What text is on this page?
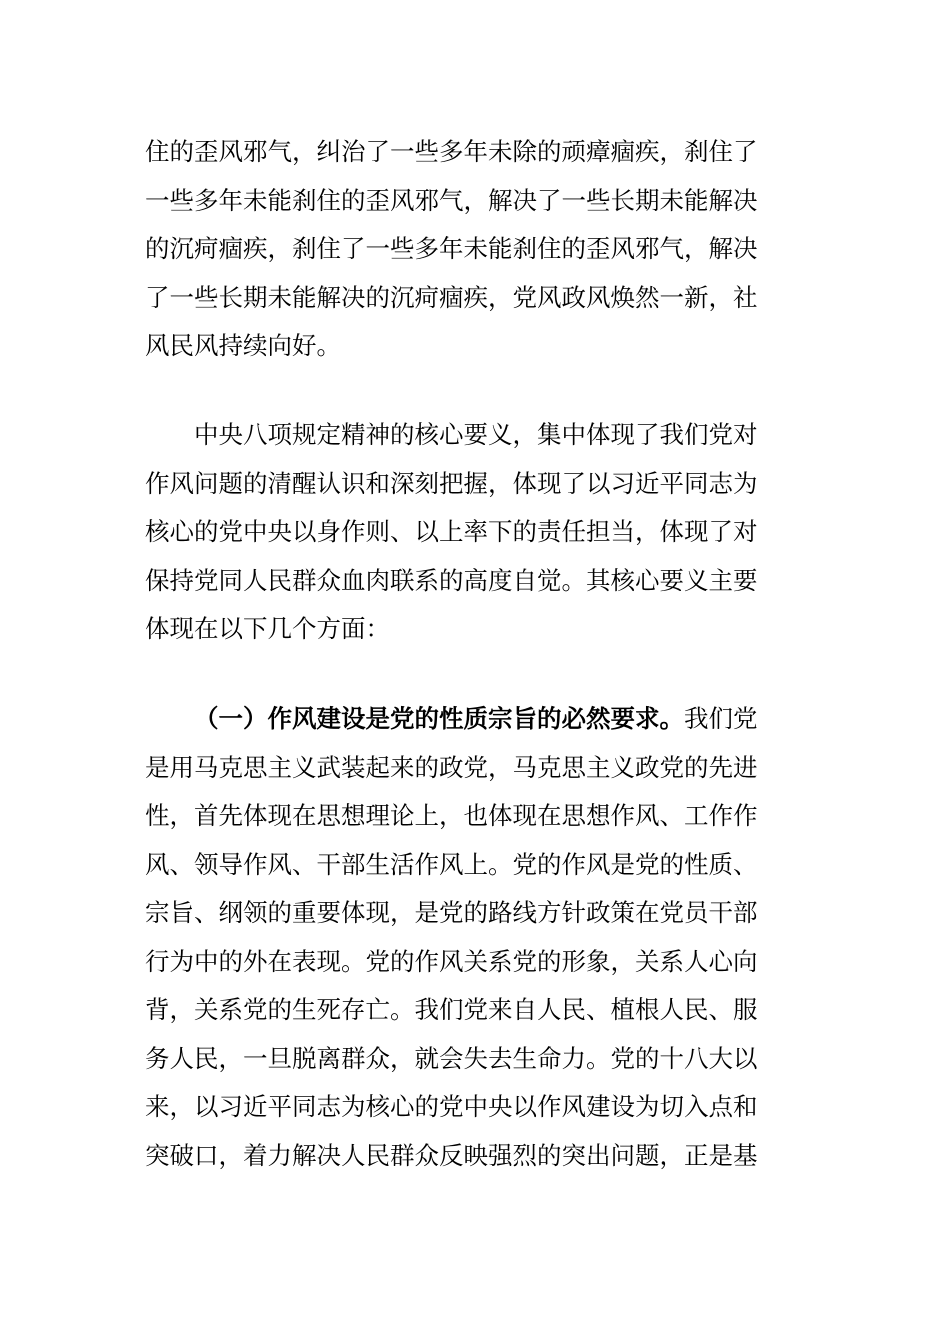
住的歪风邪气，纠治了一些多年未除的顽瘴痼疾，刹住了
一些多年未能刹住的歪风邪气，解决了一些长期未能解决
的沉疴痼疾，刹住了一些多年未能刹住的歪风邪气，解决
了一些长期未能解决的沉疴痼疾，党风政风焕然一新，社
风民风持续向好。
中央八项规定精神的核心要义，集中体现了我们党对
作风问题的清醒认识和深刻把握，体现了以习近平同志为
核心的党中央以身作则、以上率下的责任担当，体现了对
保持党同人民群众血肉联系的高度自觉。其核心要义主要
体现在以下几个方面：
（一）作风建设是党的性质宗旨的必然要求。我们党
是用马克思主义武装起来的政党，马克思主义政党的先进
性，首先体现在思想理论上，也体现在思想作风、工作作
风、领导作风、干部生活作风上。党的作风是党的性质、
宗旨、纲领的重要体现，是党的路线方针政策在党员干部
行为中的外在表现。党的作风关系党的形象，关系人心向
背，关系党的生死存亡。我们党来自人民、植根人民、服
务人民，一旦脱离群众，就会失去生命力。党的十八大以
来，以习近平同志为核心的党中央以作风建设为切入点和
突破口，着力解决人民群众反映强烈的突出问题，正是基
